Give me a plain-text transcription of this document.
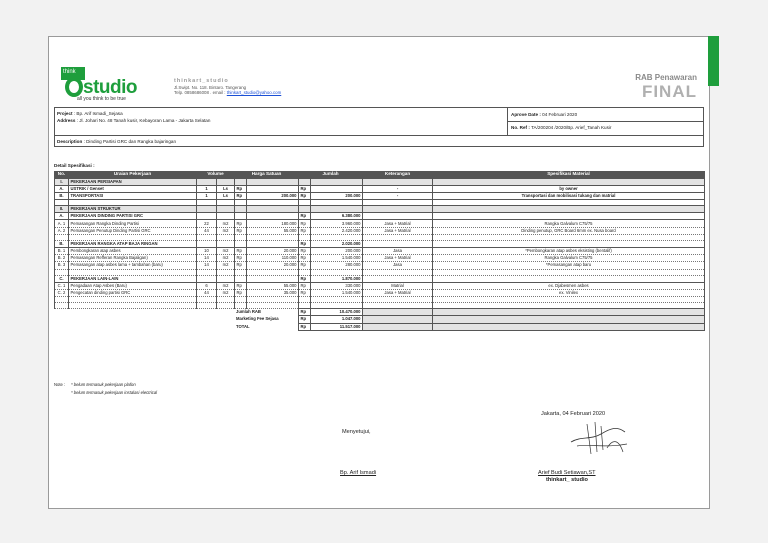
think
studio
all you think to be true
thinkart_studio
Jl.Swipt. No. 118. Bintaro. Tangerang
Telp. 0858686008 . email : thinkart_studio@yahoo.com
RAB Penawaran
FINAL
Project : Bp. Arif Ismadi_Sejasa
Address : Jl. Johari No. 48 Tanah kusir, Kebayoran Lama - Jakarta Selatan
Aprove Date : 04 Februari 2020
No. Ref : TA/200204 /2020/Bp. Arief_Tanah Kusir
Description : Dinding Partisi GRC dan Rangka bajaringan
Detail Spesifikasi :
No.	Uraian Pekerjaan	Volume		Harga Satuan		Jumlah		Keterangan	Spesifikasi Material
I.	PEKERJAAN PERSIAPAN								
A.	USTRIK / Genset	1	Ls	Rp		Rp		-	by owner
B.	TRANSPORTASI	1	Ls	Rp	200.000	Rp	200.000	-	Transportasi dan mobilisasi tukang dan matrial

II.	PEKERJAAN STRUKTUR								
A.	PEKERJAAN DINDING PARTISI GRC					Rp	6.380.000		
A. 1	Pemasangan Rangka Dinding Partisi	22	m2	Rp	180.000	Rp	3.960.000	Jasa + Matrial	Rangka Galvalum C75/75
A. 2	Pemasangan Penutup Dinding Partisi GRC	44	m2	Rp	55.000	Rp	2.420.000	Jasa + Matrial	Dinding penutup, GRC Board 6mm ex. Nusa board

B.	PEKERJAAN RANGKA ATAP BAJA RINGAN					Rp	2.020.000		
B. 1	Pembongkaran atap asbes	10	m2	Rp	20.000	Rp	200.000	Jasa	*Pembongkaran atap asbes eksisting (bentalif)
B. 2	Pemasangan Refferan Rangka Bajaligan)	14	m2	Rp	110.000	Rp	1.540.000	Jasa + Matrial	Rangka Galvalum C75/75
B. 3	Pemasangan atap asbes lama + tambahan (baru)	14	m2	Rp	20.000	Rp	280.000	Jasa	*Pemasangan atap baru

C.	PEKERJAAN LAIN-LAIN					Rp	1.870.000		
C. 1	Pengadaan Atap Asbes (Baru)	6	m2	Rp	55.000	Rp	330.000	Matrial	ex. Djabesmen asbes
C. 2	Pengecatan dinding partisi GRC	44	m2	Rp	35.000	Rp	1.540.000	Jasa + Matrial	ex. Vinilex

				Jumlah RAB		Rp	10.470.000		
				Marketing Fee Sejasa		Rp	1.047.000		
				TOTAL		Rp	11.517.000		
Note : * belum termasuk pekerjaan plafon
* belum termasuk pekerjaan instalasi electrical
Menyetujui,
Bp. Arif Ismadi
Jakarta, 04 Februari 2020
Arief Budi Setiawan,ST
thinkart_ studio
